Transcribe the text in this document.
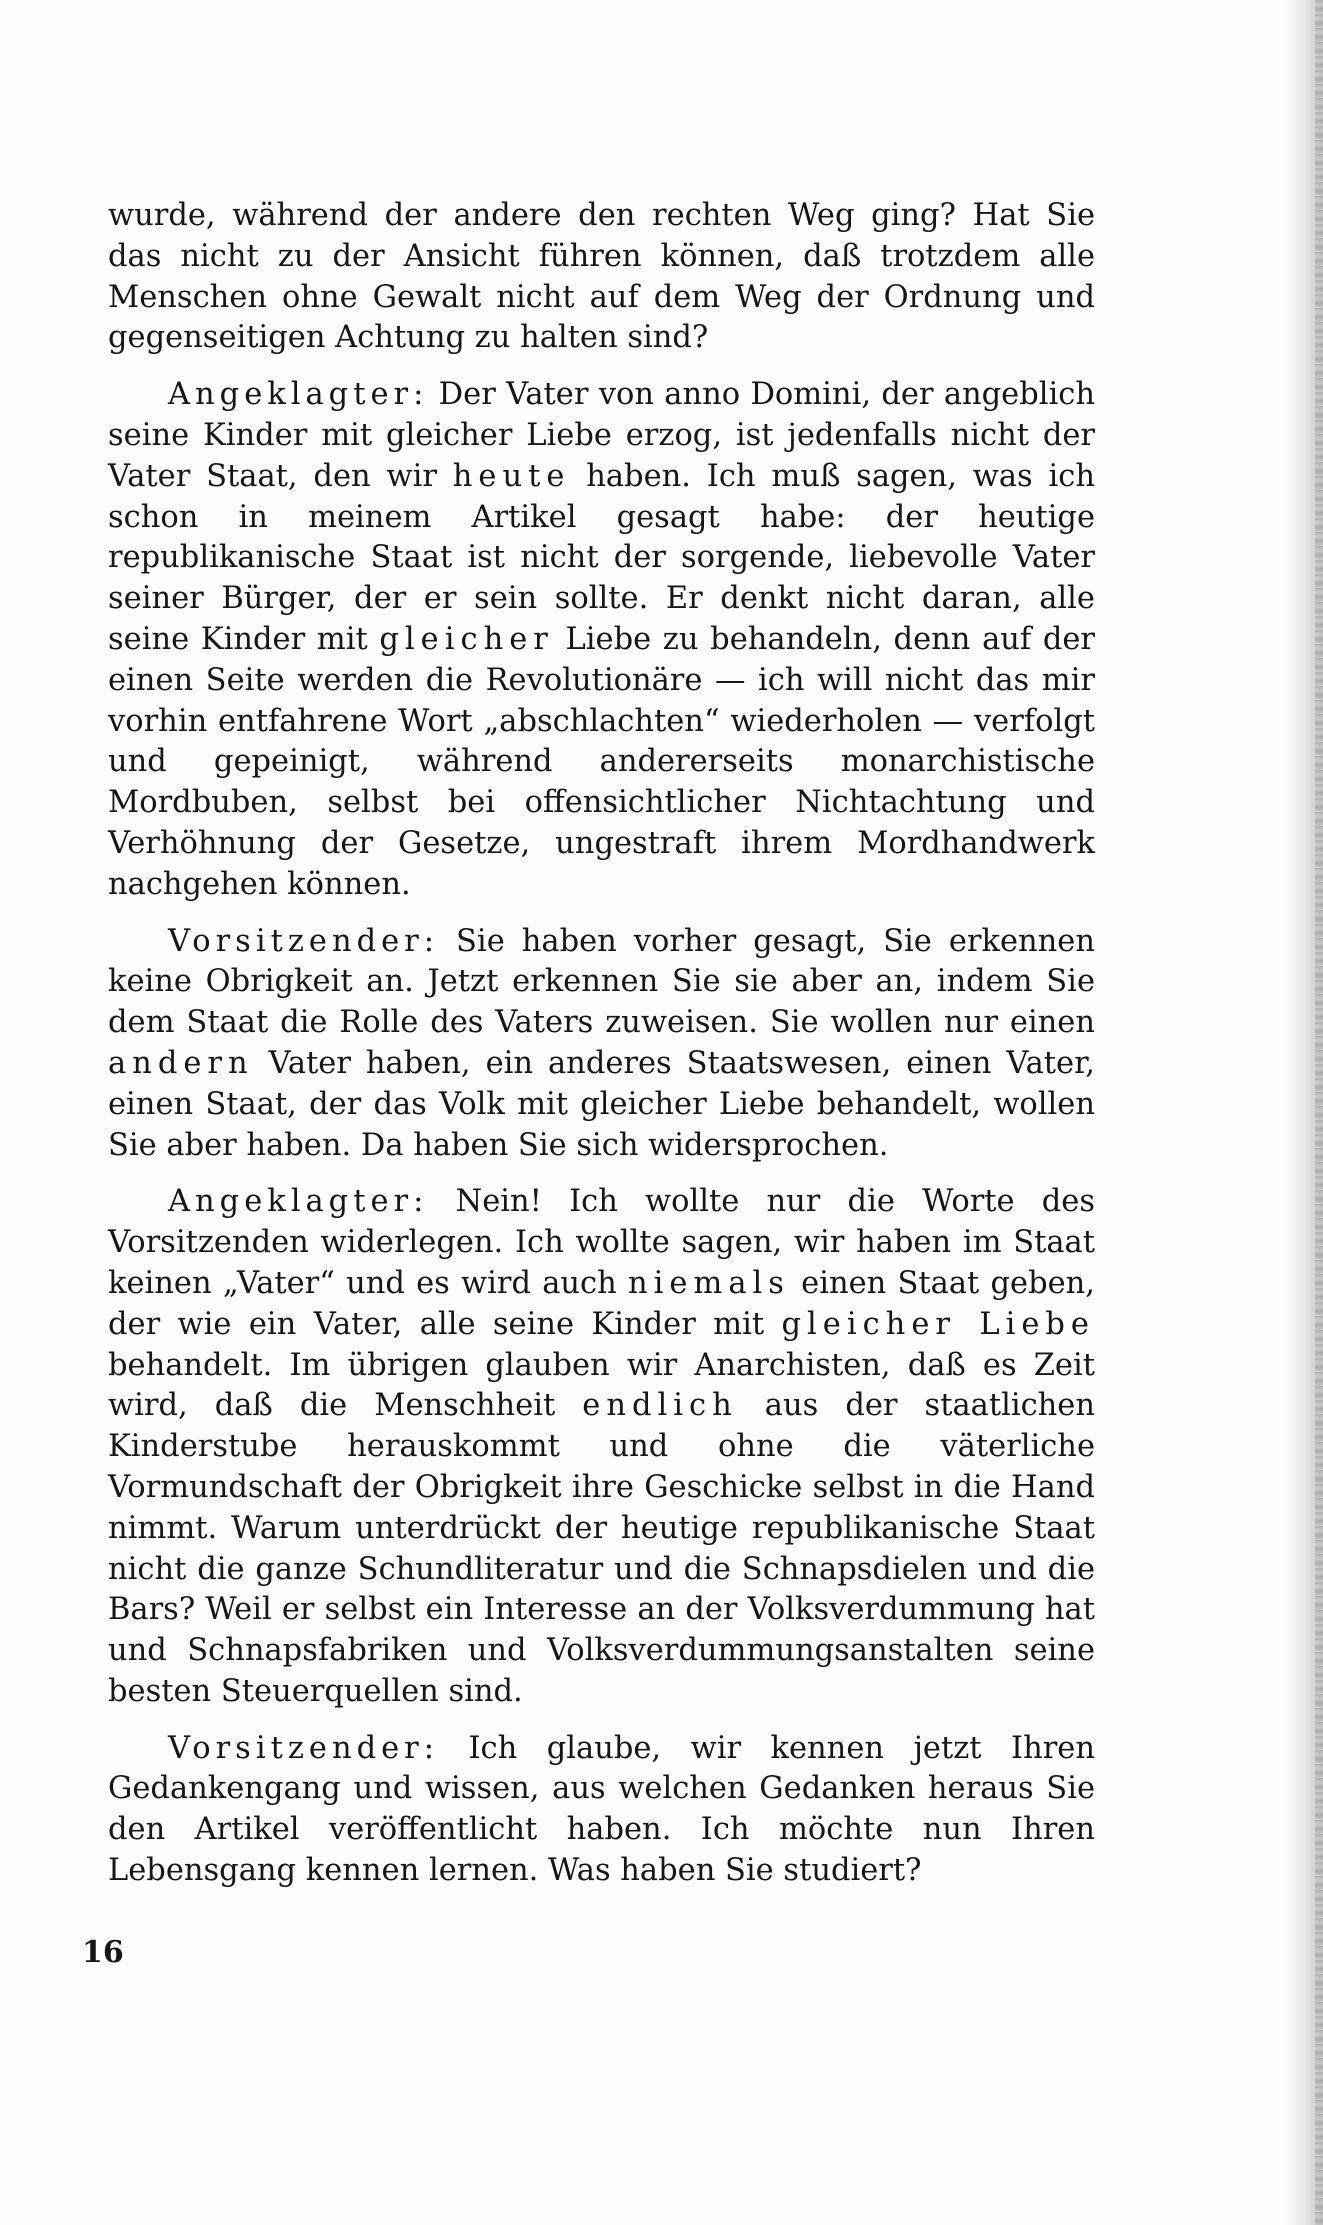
wurde, während der andere den rechten Weg ging? Hat Sie das nicht zu der Ansicht führen können, daß trotzdem alle Menschen ohne Gewalt nicht auf dem Weg der Ordnung und gegenseitigen Achtung zu halten sind?

Angeklagter: Der Vater von anno Domini, der angeblich seine Kinder mit gleicher Liebe erzog, ist jedenfalls nicht der Vater Staat, den wir heute haben. Ich muß sagen, was ich schon in meinem Artikel gesagt habe: der heutige republikanische Staat ist nicht der sorgende, liebevolle Vater seiner Bürger, der er sein sollte. Er denkt nicht daran, alle seine Kinder mit gleicher Liebe zu behandeln, denn auf der einen Seite werden die Revolutionäre — ich will nicht das mir vorhin entfahrene Wort „abschlachten“ wiederholen — verfolgt und gepeinigt, während andererseits monarchistische Mordbuben, selbst bei offensichtlicher Nichtachtung und Verhöhnung der Gesetze, ungestraft ihrem Mordhandwerk nachgehen können.

Vorsitzender: Sie haben vorher gesagt, Sie erkennen keine Obrigkeit an. Jetzt erkennen Sie sie aber an, indem Sie dem Staat die Rolle des Vaters zuweisen. Sie wollen nur einen andern Vater haben, ein anderes Staatswesen, einen Vater, einen Staat, der das Volk mit gleicher Liebe behandelt, wollen Sie aber haben. Da haben Sie sich widersprochen.

Angeklagter: Nein! Ich wollte nur die Worte des Vorsitzenden widerlegen. Ich wollte sagen, wir haben im Staat keinen „Vater“ und es wird auch niemals einen Staat geben, der wie ein Vater, alle seine Kinder mit gleicher Liebe behandelt. Im übrigen glauben wir Anarchisten, daß es Zeit wird, daß die Menschheit endlich aus der staatlichen Kinderstube herauskommt und ohne die väterliche Vormundschaft der Obrigkeit ihre Geschicke selbst in die Hand nimmt. Warum unterdrückt der heutige republikanische Staat nicht die ganze Schundliteratur und die Schnapsdielen und die Bars? Weil er selbst ein Interesse an der Volksverdummung hat und Schnapsfabriken und Volksverdummungsanstalten seine besten Steuerquellen sind.

Vorsitzender: Ich glaube, wir kennen jetzt Ihren Gedankengang und wissen, aus welchen Gedanken heraus Sie den Artikel veröffentlicht haben. Ich möchte nun Ihren Lebensgang kennen lernen. Was haben Sie studiert?

16
